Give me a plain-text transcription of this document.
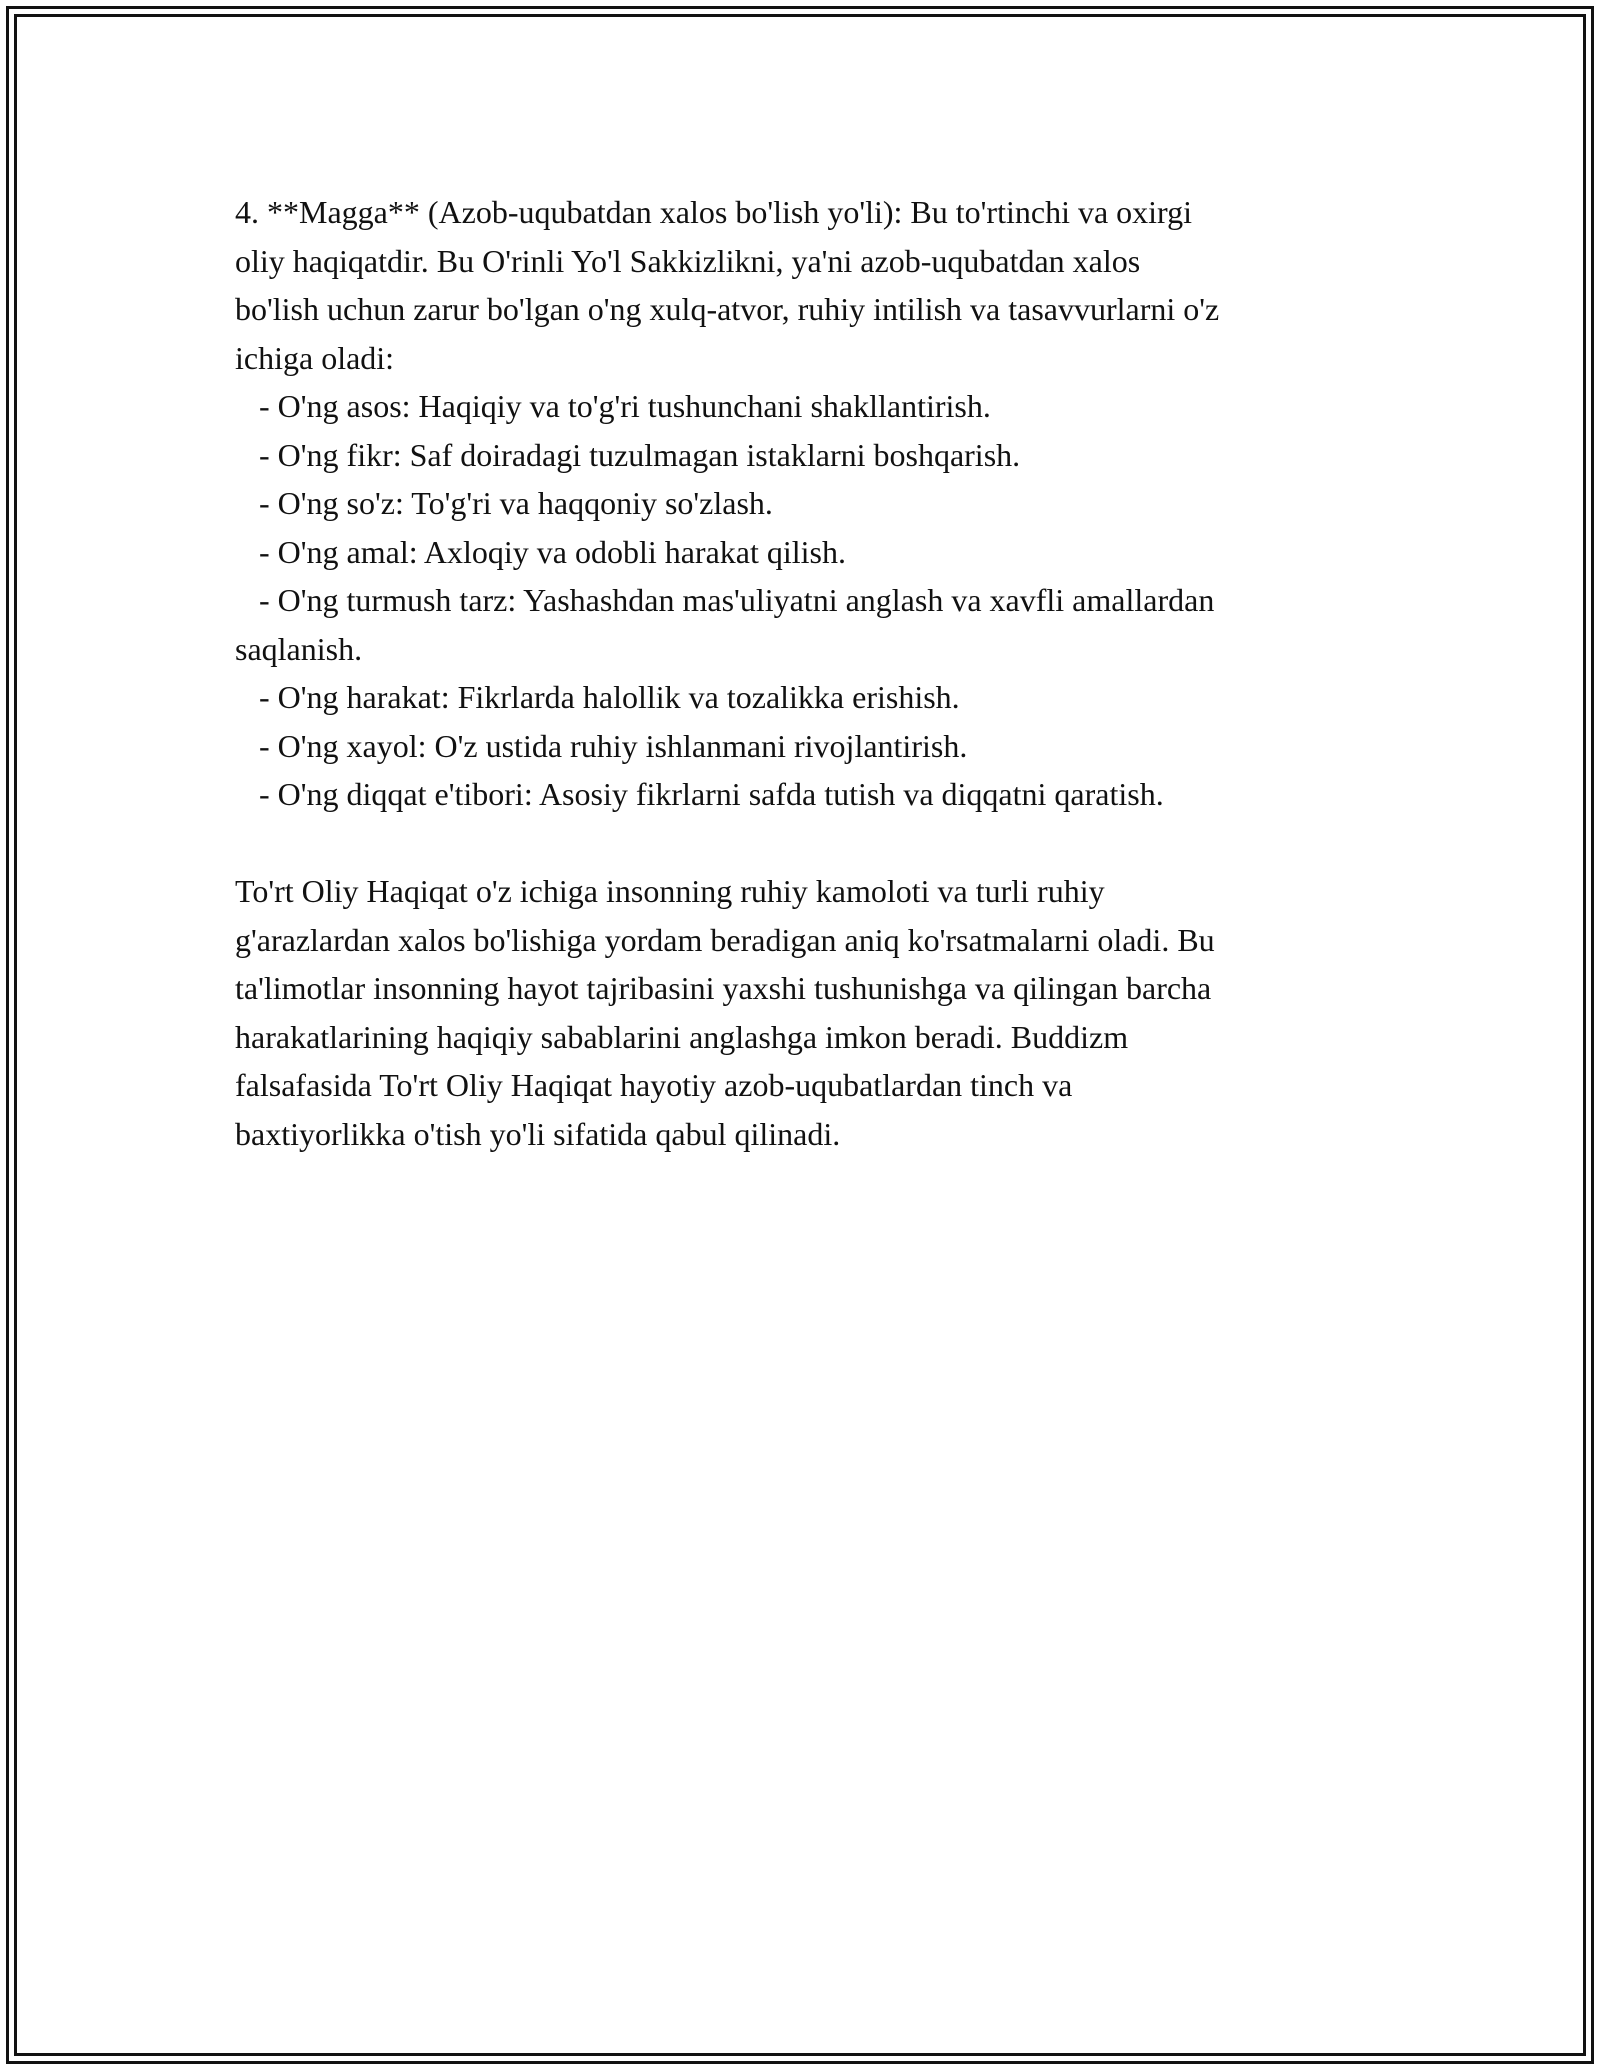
4. **Magga** (Azob-uqubatdan xalos bo'lish yo'li): Bu to'rtinchi va oxirgi

oliy haqiqatdir. Bu O'rinli Yo'l Sakkizlikni, ya'ni azob-uqubatdan xalos

bo'lish uchun zarur bo'lgan o'ng xulq-atvor, ruhiy intilish va tasavvurlarni o'z

ichiga oladi:

- O'ng asos: Haqiqiy va to'g'ri tushunchani shakllantirish.

- O'ng fikr: Saf doiradagi tuzulmagan istaklarni boshqarish.

- O'ng so'z: To'g'ri va haqqoniy so'zlash.

- O'ng amal: Axloqiy va odobli harakat qilish.

- O'ng turmush tarz: Yashashdan mas'uliyatni anglash va xavfli amallardan

saqlanish.

- O'ng harakat: Fikrlarda halollik va tozalikka erishish.

- O'ng xayol: O'z ustida ruhiy ishlanmani rivojlantirish.

- O'ng diqqat e'tibori: Asosiy fikrlarni safda tutish va diqqatni qaratish.

To'rt Oliy Haqiqat o'z ichiga insonning ruhiy kamoloti va turli ruhiy

g'arazlardan xalos bo'lishiga yordam beradigan aniq ko'rsatmalarni oladi. Bu

ta'limotlar insonning hayot tajribasini yaxshi tushunishga va qilingan barcha

harakatlarining haqiqiy sabablarini anglashga imkon beradi. Buddizm

falsafasida To'rt Oliy Haqiqat hayotiy azob-uqubatlardan tinch va

baxtiyorlikka o'tish yo'li sifatida qabul qilinadi.
